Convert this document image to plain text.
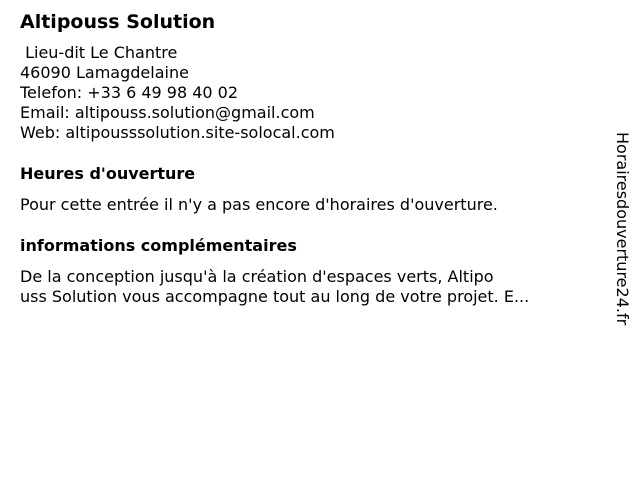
Altipouss Solution
Lieu-dit Le Chantre
46090 Lamagdelaine
Telefon: +33 6 49 98 40 02
Email: altipouss.solution@gmail.com
Web: altipousssolution.site-solocal.com
Heures d'ouverture
Pour cette entrée il n'y a pas encore d'horaires d'ouverture.
informations complémentaires
De la conception jusqu'à la création d'espaces verts, Altipo
uss Solution vous accompagne tout au long de votre projet. E...	Horairesdouverture24.fr
